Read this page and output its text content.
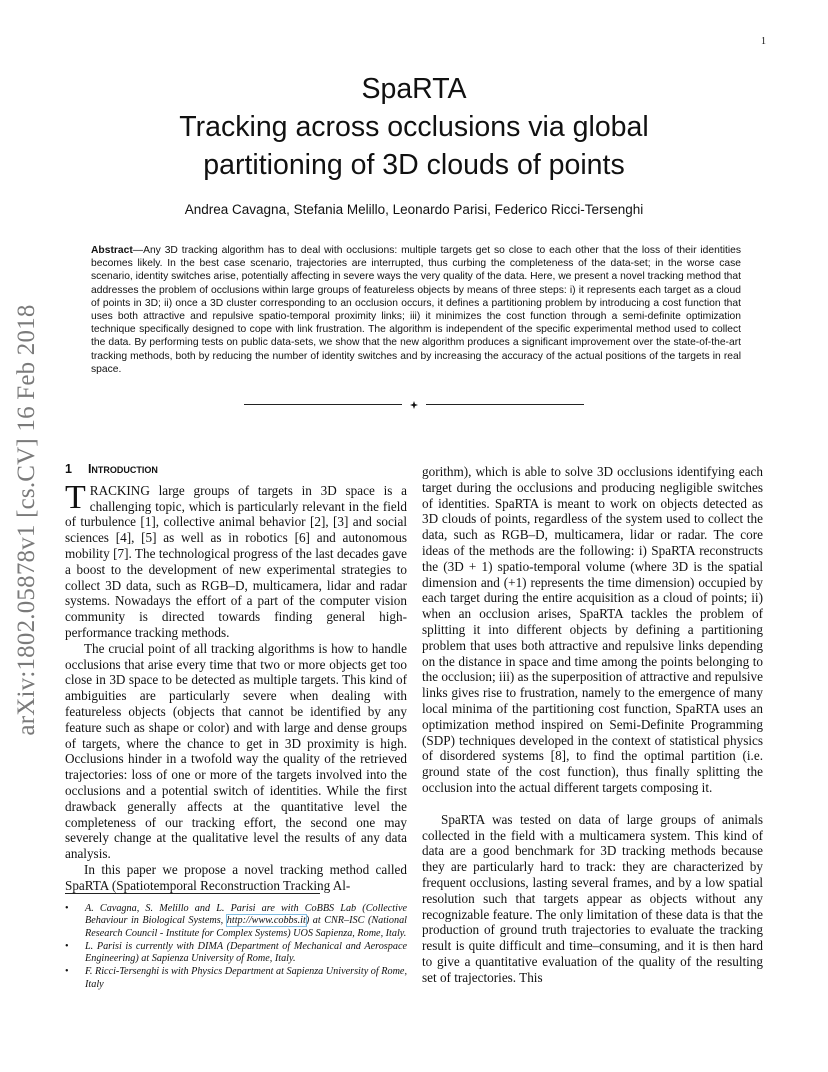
1
arXiv:1802.05878v1 [cs.CV] 16 Feb 2018
SpaRTA
Tracking across occlusions via global
partitioning of 3D clouds of points
Andrea Cavagna, Stefania Melillo, Leonardo Parisi, Federico Ricci-Tersenghi
Abstract—Any 3D tracking algorithm has to deal with occlusions: multiple targets get so close to each other that the loss of their identities becomes likely. In the best case scenario, trajectories are interrupted, thus curbing the completeness of the data-set; in the worse case scenario, identity switches arise, potentially affecting in severe ways the very quality of the data. Here, we present a novel tracking method that addresses the problem of occlusions within large groups of featureless objects by means of three steps: i) it represents each target as a cloud of points in 3D; ii) once a 3D cluster corresponding to an occlusion occurs, it defines a partitioning problem by introducing a cost function that uses both attractive and repulsive spatio-temporal proximity links; iii) it minimizes the cost function through a semi-definite optimization technique specifically designed to cope with link frustration. The algorithm is independent of the specific experimental method used to collect the data. By performing tests on public data-sets, we show that the new algorithm produces a significant improvement over the state-of-the-art tracking methods, both by reducing the number of identity switches and by increasing the accuracy of the actual positions of the targets in real space.
1 Introduction

TRACKING large groups of targets in 3D space is a challenging topic, which is particularly relevant in the field of turbulence [1], collective animal behavior [2], [3] and social sciences [4], [5] as well as in robotics [6] and autonomous mobility [7]. The technological progress of the last decades gave a boost to the development of new experimental strategies to collect 3D data, such as RGB–D, multicamera, lidar and radar systems. Nowadays the effort of a part of the computer vision community is directed towards finding general high-performance tracking methods.

The crucial point of all tracking algorithms is how to handle occlusions that arise every time that two or more objects get too close in 3D space to be detected as multiple targets. This kind of ambiguities are particularly severe when dealing with featureless objects (objects that cannot be identified by any feature such as shape or color) and with large and dense groups of targets, where the chance to get in 3D proximity is high. Occlusions hinder in a twofold way the quality of the retrieved trajectories: loss of one or more of the targets involved into the occlusions and a potential switch of identities. While the first drawback generally affects at the quantitative level the completeness of our tracking effort, the second one may severely change at the qualitative level the results of any data analysis.

In this paper we propose a novel tracking method called SpaRTA (Spatiotemporal Reconstruction Tracking Al-

• A. Cavagna, S. Melillo and L. Parisi are with CoBBS Lab (Collective Behaviour in Biological Systems, http://www.cobbs.it) at CNR–ISC (National Research Council - Institute for Complex Systems) UOS Sapienza, Rome, Italy.
• L. Parisi is currently with DIMA (Department of Mechanical and Aerospace Engineering) at Sapienza University of Rome, Italy.
• F. Ricci-Tersenghi is with Physics Department at Sapienza University of Rome, Italy

gorithm), which is able to solve 3D occlusions identifying each target during the occlusions and producing negligible switches of identities. SpaRTA is meant to work on objects detected as 3D clouds of points, regardless of the system used to collect the data, such as RGB–D, multicamera, lidar or radar. The core ideas of the methods are the following: i) SpaRTA reconstructs the (3D + 1) spatio-temporal volume (where 3D is the spatial dimension and (+1) represents the time dimension) occupied by each target during the entire acquisition as a cloud of points; ii) when an occlusion arises, SpaRTA tackles the problem of splitting it into different objects by defining a partitioning problem that uses both attractive and repulsive links depending on the distance in space and time among the points belonging to the occlusion; iii) as the superposition of attractive and repulsive links gives rise to frustration, namely to the emergence of many local minima of the partitioning cost function, SpaRTA uses an optimization method inspired on Semi-Definite Programming (SDP) techniques developed in the context of statistical physics of disordered systems [8], to find the optimal partition (i.e. ground state of the cost function), thus finally splitting the occlusion into the actual different targets composing it.

SpaRTA was tested on data of large groups of animals collected in the field with a multicamera system. This kind of data are a good benchmark for 3D tracking methods because they are particularly hard to track: they are characterized by frequent occlusions, lasting several frames, and by a low spatial resolution such that targets appear as objects without any recognizable feature. The only limitation of these data is that the production of ground truth trajectories to evaluate the tracking result is quite difficult and time–consuming, and it is then hard to give a quantitative evaluation of the quality of the resulting set of trajectories. This
